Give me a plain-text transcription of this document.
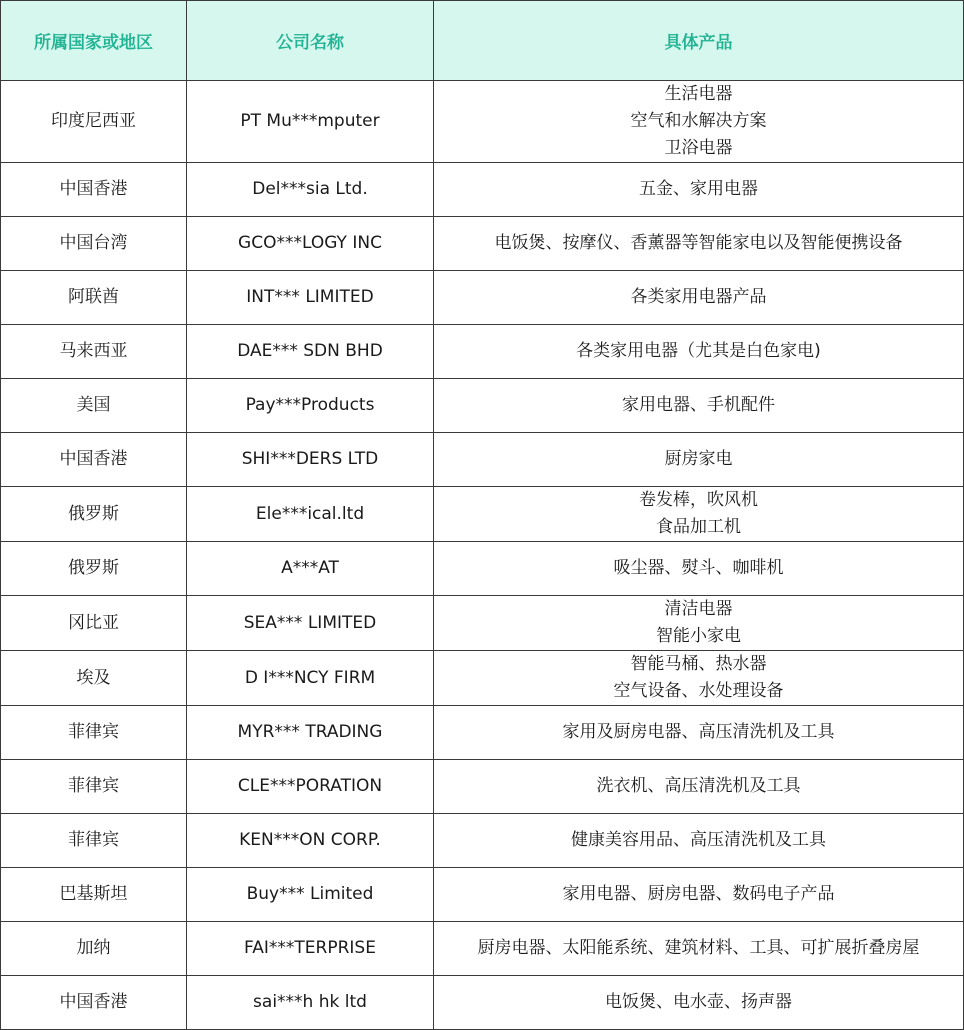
所属国家或地区	公司名称	具体产品
印度尼西亚	PT Mu***mputer	生活电器
空气和水解决方案
卫浴电器
中国香港	Del***sia Ltd.	五金、家用电器
中国台湾	GCO***LOGY INC	电饭煲、按摩仪、香薰器等智能家电以及智能便携设备
阿联酋	INT*** LIMITED	各类家用电器产品
马来西亚	DAE*** SDN BHD	各类家用电器（尤其是白色家电)
美国	Pay***Products	家用电器、手机配件
中国香港	SHI***DERS LTD	厨房家电
俄罗斯	Ele***ical.ltd	卷发棒，吹风机
食品加工机
俄罗斯	A***AT	吸尘器、熨斗、咖啡机
冈比亚	SEA*** LIMITED	清洁电器
智能小家电
埃及	D I***NCY FIRM	智能马桶、热水器
空气设备、水处理设备
菲律宾	MYR*** TRADING	家用及厨房电器、高压清洗机及工具
菲律宾	CLE***PORATION	洗衣机、高压清洗机及工具
菲律宾	KEN***ON CORP.	健康美容用品、高压清洗机及工具
巴基斯坦	Buy*** Limited	家用电器、厨房电器、数码电子产品
加纳	FAI***TERPRISE	厨房电器、太阳能系统、建筑材料、工具、可扩展折叠房屋
中国香港	sai***h hk ltd	电饭煲、电水壶、扬声器
